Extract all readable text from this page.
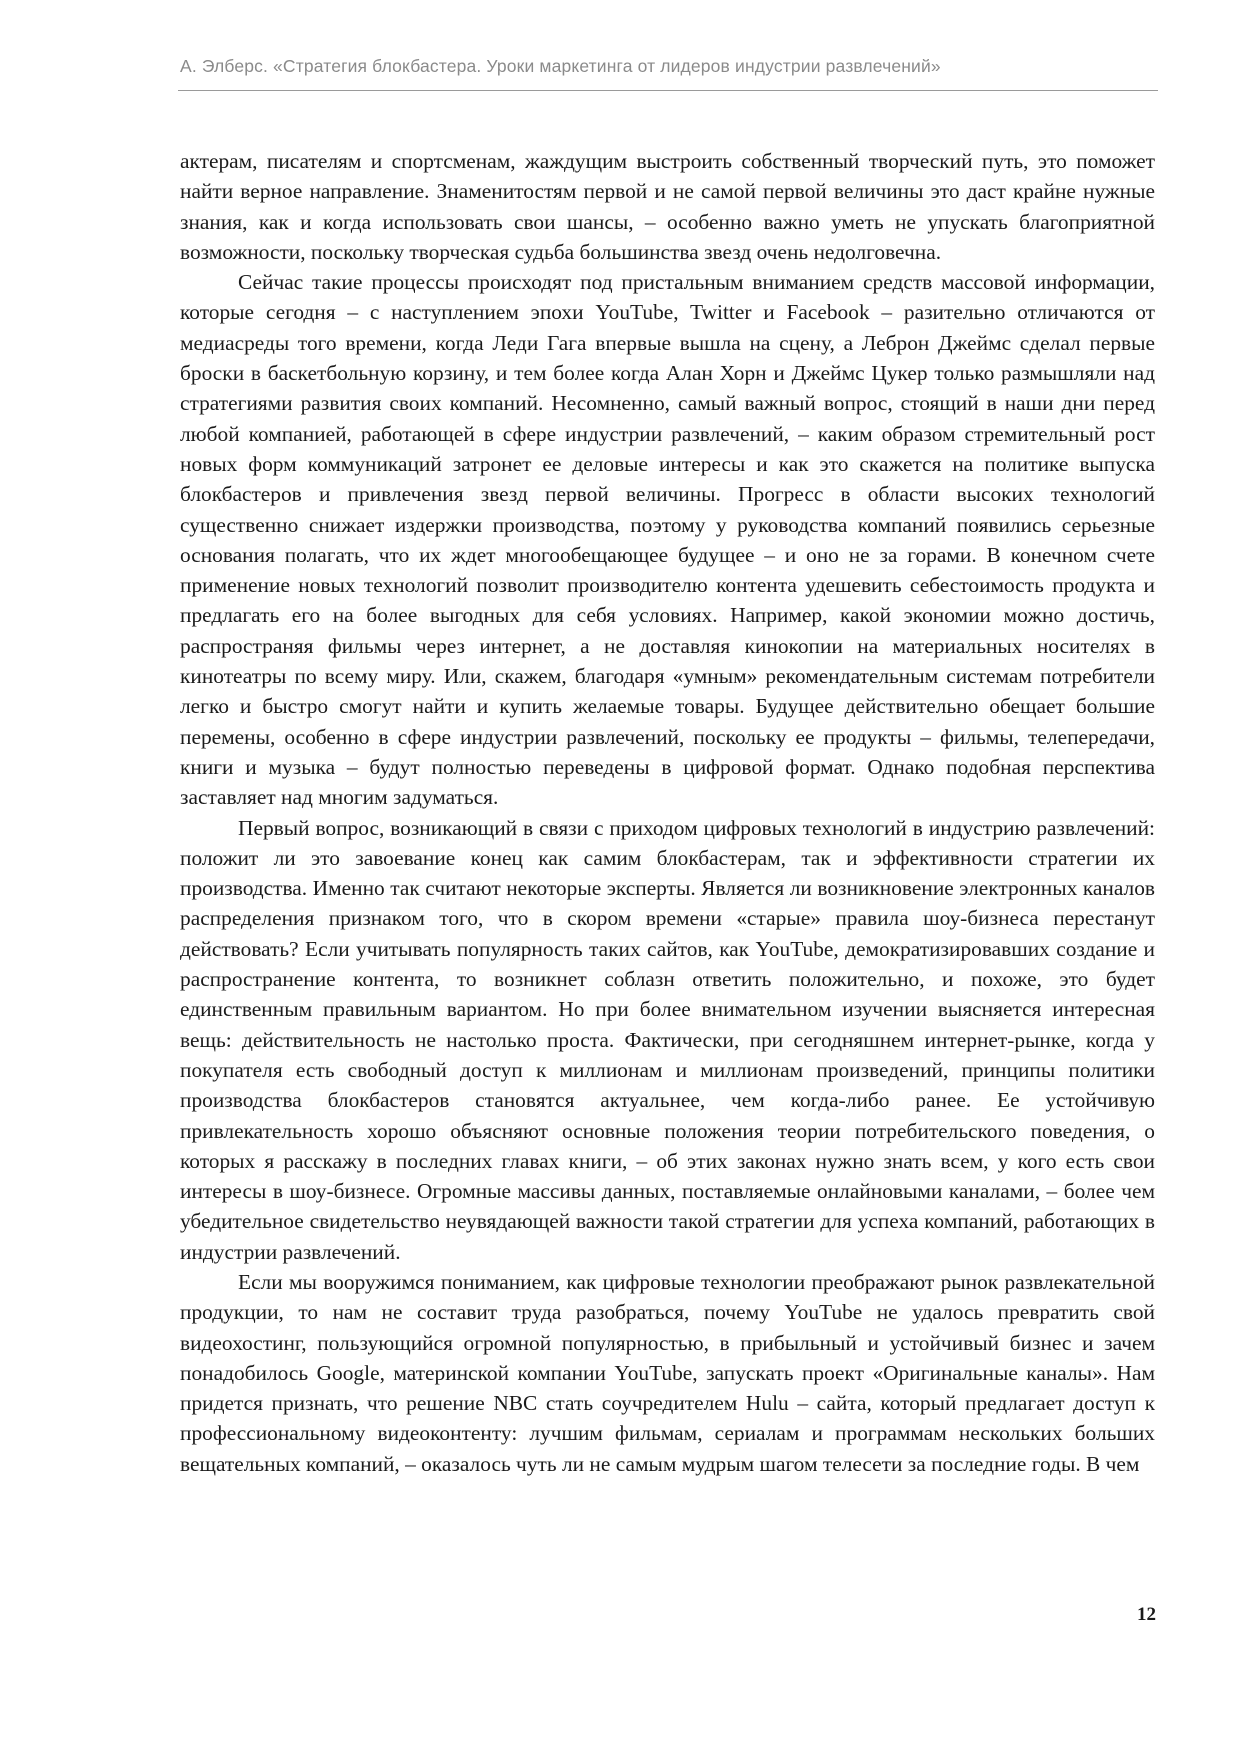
А. Элберс. «Стратегия блокбастера. Уроки маркетинга от лидеров индустрии развлечений»

актерам, писателям и спортсменам, жаждущим выстроить собственный творческий путь, это поможет найти верное направление. Знаменитостям первой и не самой первой величины это даст крайне нужные знания, как и когда использовать свои шансы, – особенно важно уметь не упускать благоприятной возможности, поскольку творческая судьба большинства звезд очень недолговечна.

Сейчас такие процессы происходят под пристальным вниманием средств массовой информации, которые сегодня – с наступлением эпохи YouTube, Twitter и Facebook – разительно отличаются от медиасреды того времени, когда Леди Гага впервые вышла на сцену, а Леброн Джеймс сделал первые броски в баскетбольную корзину, и тем более когда Алан Хорн и Джеймс Цукер только размышляли над стратегиями развития своих компаний. Несомненно, самый важный вопрос, стоящий в наши дни перед любой компанией, работающей в сфере индустрии развлечений, – каким образом стремительный рост новых форм коммуникаций затронет ее деловые интересы и как это скажется на политике выпуска блокбастеров и привлечения звезд первой величины. Прогресс в области высоких технологий существенно снижает издержки производства, поэтому у руководства компаний появились серьезные основания полагать, что их ждет многообещающее будущее – и оно не за горами. В конечном счете применение новых технологий позволит производителю контента удешевить себестоимость продукта и предлагать его на более выгодных для себя условиях. Например, какой экономии можно достичь, распространяя фильмы через интернет, а не доставляя кинокопии на материальных носителях в кинотеатры по всему миру. Или, скажем, благодаря «умным» рекомендательным системам потребители легко и быстро смогут найти и купить желаемые товары. Будущее действительно обещает большие перемены, особенно в сфере индустрии развлечений, поскольку ее продукты – фильмы, телепередачи, книги и музыка – будут полностью переведены в цифровой формат. Однако подобная перспектива заставляет над многим задуматься.

Первый вопрос, возникающий в связи с приходом цифровых технологий в индустрию развлечений: положит ли это завоевание конец как самим блокбастерам, так и эффективности стратегии их производства. Именно так считают некоторые эксперты. Является ли возникновение электронных каналов распределения признаком того, что в скором времени «старые» правила шоу-бизнеса перестанут действовать? Если учитывать популярность таких сайтов, как YouTube, демократизировавших создание и распространение контента, то возникнет соблазн ответить положительно, и похоже, это будет единственным правильным вариантом. Но при более внимательном изучении выясняется интересная вещь: действительность не настолько проста. Фактически, при сегодняшнем интернет-рынке, когда у покупателя есть свободный доступ к миллионам и миллионам произведений, принципы политики производства блокбастеров становятся актуальнее, чем когда-либо ранее. Ее устойчивую привлекательность хорошо объясняют основные положения теории потребительского поведения, о которых я расскажу в последних главах книги, – об этих законах нужно знать всем, у кого есть свои интересы в шоу-бизнесе. Огромные массивы данных, поставляемые онлайновыми каналами, – более чем убедительное свидетельство неувядающей важности такой стратегии для успеха компаний, работающих в индустрии развлечений.

Если мы вооружимся пониманием, как цифровые технологии преображают рынок развлекательной продукции, то нам не составит труда разобраться, почему YouTube не удалось превратить свой видеохостинг, пользующийся огромной популярностью, в прибыльный и устойчивый бизнес и зачем понадобилось Google, материнской компании YouTube, запускать проект «Оригинальные каналы». Нам придется признать, что решение NBC стать соучредителем Hulu – сайта, который предлагает доступ к профессиональному видеоконтенту: лучшим фильмам, сериалам и программам нескольких больших вещательных компаний, – оказалось чуть ли не самым мудрым шагом телесети за последние годы. В чем

12
